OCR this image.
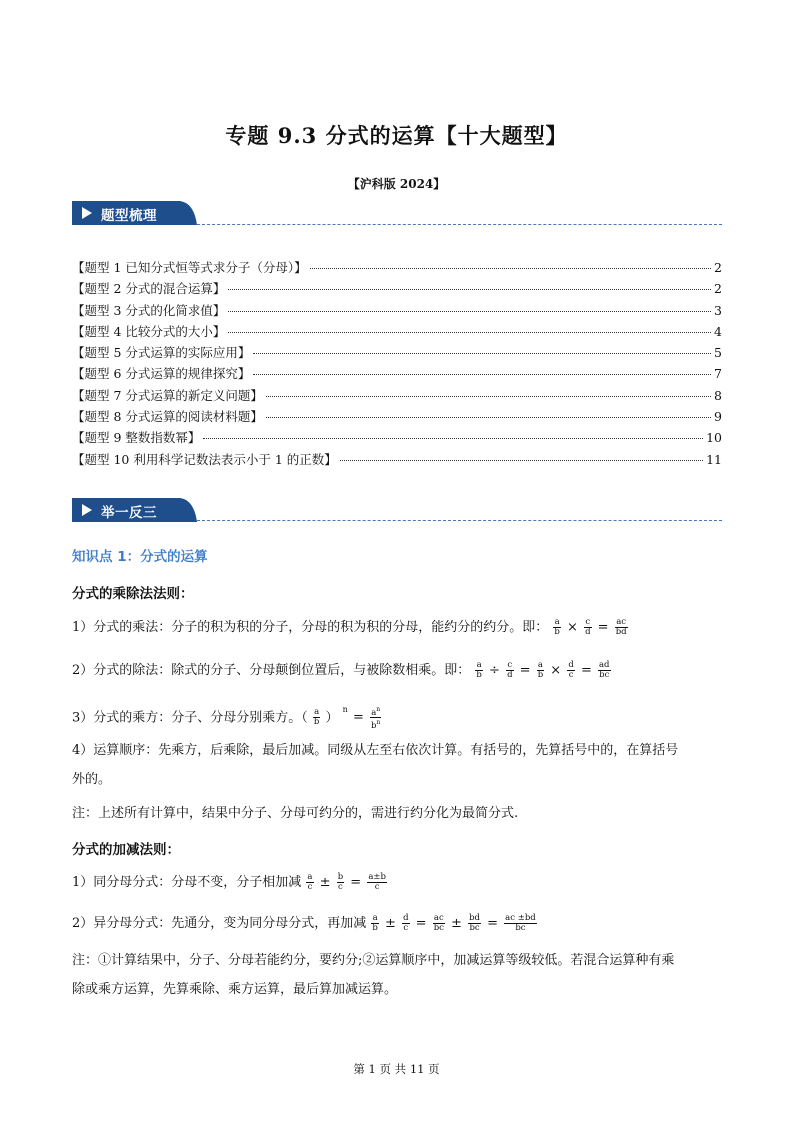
专题 9.3 分式的运算【十大题型】
【沪科版 2024】
题型梳理
【题型 1 已知分式恒等式求分子（分母）】	2
【题型 2 分式的混合运算】	2
【题型 3 分式的化简求值】	3
【题型 4 比较分式的大小】	4
【题型 5 分式运算的实际应用】	5
【题型 6 分式运算的规律探究】	7
【题型 7 分式运算的新定义问题】	8
【题型 8 分式运算的阅读材料题】	9
【题型 9 整数指数幂】	10
【题型 10 利用科学记数法表示小于 1 的正数】	11
举一反三
知识点 1：分式的运算
分式的乘除法法则：
1）分式的乘法：分子的积为积的分子，分母的积为积的分母，能约分的约分。即： $\frac{a}{b} \times \frac{c}{d} = \frac{ac}{bd}$
2）分式的除法：除式的分子、分母颠倒位置后，与被除数相乘。即： $\frac{a}{b} \div \frac{c}{d} = \frac{a}{b} \times \frac{d}{c} = \frac{ad}{bc}$
3）分式的乘方：分子、分母分别乘方。（ $\frac{a}{b}$ ） $^n = \frac{a^n}{b^n}$
4）运算顺序：先乘方，后乘除，最后加减。同级从左至右依次计算。有括号的，先算括号中的，在算括号
外的。
注：上述所有计算中，结果中分子、分母可约分的，需进行约分化为最简分式.
分式的加减法则：
1）同分母分式：分母不变，分子相加减 $\frac{a}{c} \pm \frac{b}{c} = \frac{a\pm b}{c}$
2）异分母分式：先通分，变为同分母分式，再加减 $\frac{a}{b} \pm \frac{d}{c} = \frac{ac}{bc} \pm \frac{bd}{bc} = \frac{ac \pm bd}{bc}$
注：①计算结果中，分子、分母若能约分，要约分;②运算顺序中，加减运算等级较低。若混合运算种有乘
除或乘方运算，先算乘除、乘方运算，最后算加减运算。
第 1 页 共 11 页
